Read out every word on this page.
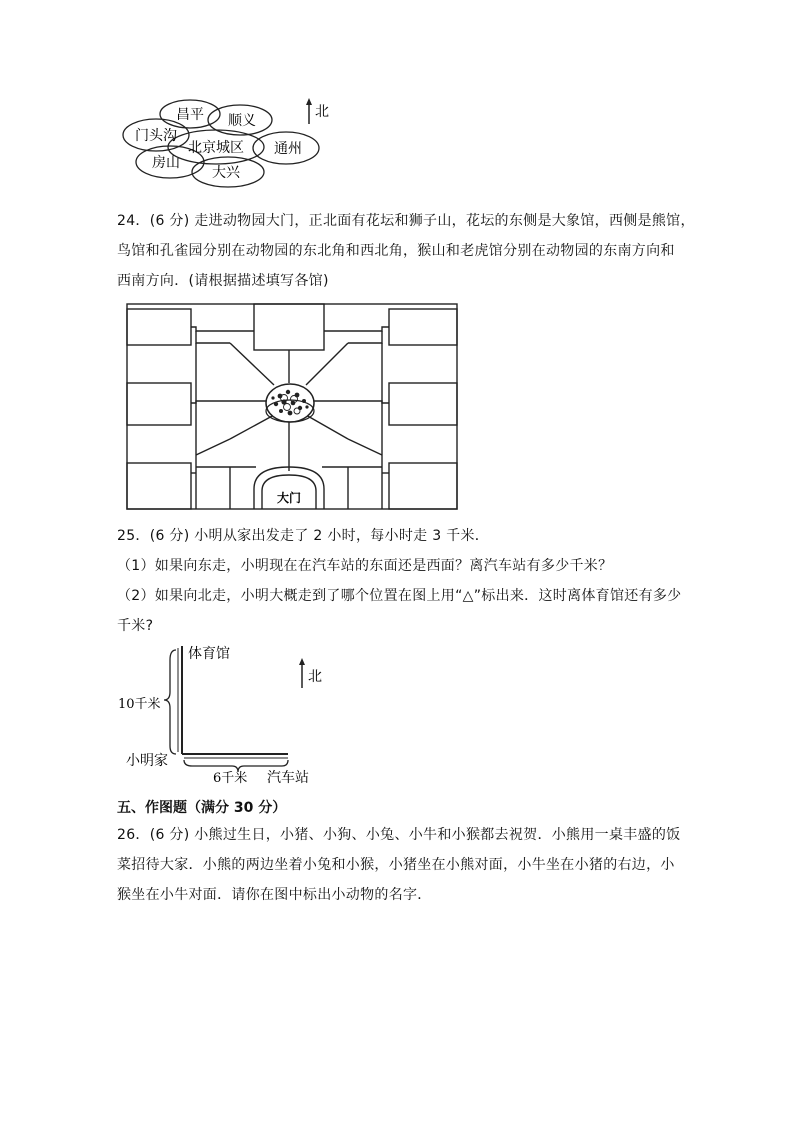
昌平 顺义
门头沟
北京城区 通州
房山
大兴
北
24．(6 分) 走进动物园大门，正北面有花坛和狮子山，花坛的东侧是大象馆，西侧是熊馆，
鸟馆和孔雀园分别在动物园的东北角和西北角，猴山和老虎馆分别在动物园的东南方向和
西南方向．(请根据描述填写各馆)
大门
25．(6 分) 小明从家出发走了 2 小时，每小时走 3 千米．
（1）如果向东走，小明现在在汽车站的东面还是西面？离汽车站有多少千米？
（2）如果向北走，小明大概走到了哪个位置在图上用“△”标出来．这时离体育馆还有多少
千米?
北
体育馆
10千米
小明家
6千米 汽车站
五、作图题（满分 30 分）
26．(6 分) 小熊过生日，小猪、小狗、小兔、小牛和小猴都去祝贺．小熊用一桌丰盛的饭
菜招待大家．小熊的两边坐着小兔和小猴，小猪坐在小熊对面，小牛坐在小猪的右边，小
猴坐在小牛对面．请你在图中标出小动物的名字．
